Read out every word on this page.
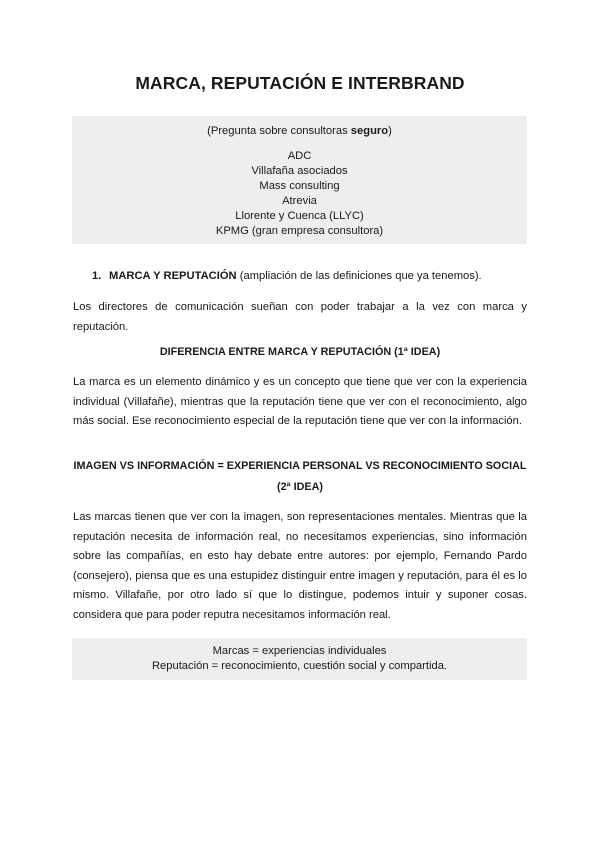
MARCA, REPUTACIÓN E INTERBRAND
(Pregunta sobre consultoras seguro)
ADC
Villafaña asociados
Mass consulting
Atrevia
Llorente y Cuenca (LLYC)
KPMG (gran empresa consultora)
1. MARCA Y REPUTACIÓN (ampliación de las definiciones que ya tenemos).
Los directores de comunicación sueñan con poder trabajar a la vez con marca y reputación.
DIFERENCIA ENTRE MARCA Y REPUTACIÓN (1ª IDEA)
La marca es un elemento dinámico y es un concepto que tiene que ver con la experiencia
individual (Villafañe), mientras que la reputación tiene que ver con el reconocimiento, algo
más social. Ese reconocimiento especial de la reputación tiene que ver con la información.
IMAGEN VS INFORMACIÓN = EXPERIENCIA PERSONAL VS RECONOCIMIENTO SOCIAL
(2ª IDEA)
Las marcas tienen que ver con la imagen, son representaciones mentales. Mientras que la
reputación necesita de información real, no necesitamos experiencias, sino información
sobre las compañías, en esto hay debate entre autores: por ejemplo, Fernando Pardo
(consejero), piensa que es una estupidez distinguir entre imagen y reputación, para él es lo
mismo. Villafañe, por otro lado sí que lo distingue, podemos intuir y suponer cosas.
considera que para poder reputra necesitamos información real.
Marcas = experiencias individuales
Reputación = reconocimiento, cuestión social y compartida.
